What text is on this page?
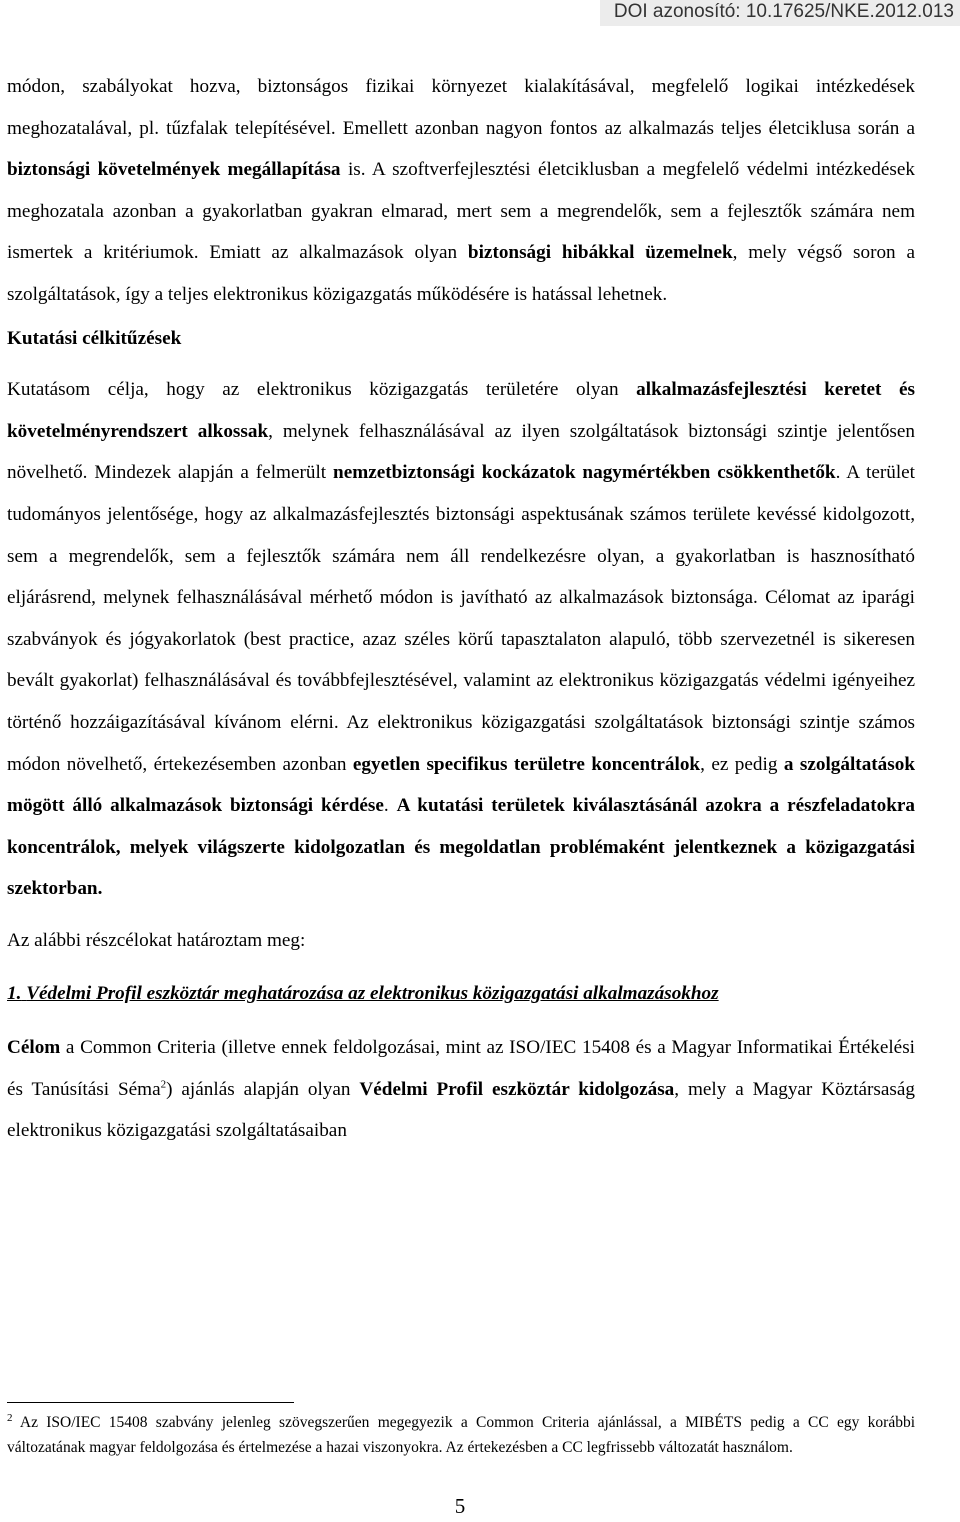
DOI azonosító: 10.17625/NKE.2012.013

módon, szabályokat hozva, biztonságos fizikai környezet kialakításával, megfelelő logikai intézkedések meghozatalával, pl. tűzfalak telepítésével. Emellett azonban nagyon fontos az alkalmazás teljes életciklusa során a biztonsági követelmények megállapítása is. A szoftverfejlesztési életciklusban a megfelelő védelmi intézkedések meghozatala azonban a gyakorlatban gyakran elmarad, mert sem a megrendelők, sem a fejlesztők számára nem ismertek a kritériumok. Emiatt az alkalmazások olyan biztonsági hibákkal üzemelnek, mely végső soron a szolgáltatások, így a teljes elektronikus közigazgatás működésére is hatással lehetnek.

Kutatási célkitűzések

Kutatásom célja, hogy az elektronikus közigazgatás területére olyan alkalmazásfejlesztési keretet és követelményrendszert alkossak, melynek felhasználásával az ilyen szolgáltatások biztonsági szintje jelentősen növelhető. Mindezek alapján a felmerült nemzetbiztonsági kockázatok nagymértékben csökkenthetők. A terület tudományos jelentősége, hogy az alkalmazásfejlesztés biztonsági aspektusának számos területe kevéssé kidolgozott, sem a megrendelők, sem a fejlesztők számára nem áll rendelkezésre olyan, a gyakorlatban is hasznosítható eljárásrend, melynek felhasználásával mérhető módon is javítható az alkalmazások biztonsága. Célomat az iparági szabványok és jógyakorlatok (best practice, azaz széles körű tapasztalaton alapuló, több szervezetnél is sikeresen bevált gyakorlat) felhasználásával és továbbfejlesztésével, valamint az elektronikus közigazgatás védelmi igényeihez történő hozzáigazításával kívánom elérni. Az elektronikus közigazgatási szolgáltatások biztonsági szintje számos módon növelhető, értekezésemben azonban egyetlen specifikus területre koncentrálok, ez pedig a szolgáltatások mögött álló alkalmazások biztonsági kérdése. A kutatási területek kiválasztásánál azokra a részfeladatokra koncentrálok, melyek világszerte kidolgozatlan és megoldatlan problémaként jelentkeznek a közigazgatási szektorban.

Az alábbi részcélokat határoztam meg:

1. Védelmi Profil eszköztár meghatározása az elektronikus közigazgatási alkalmazásokhoz

Célom a Common Criteria (illetve ennek feldolgozásai, mint az ISO/IEC 15408 és a Magyar Informatikai Értékelési és Tanúsítási Séma$^2$) ajánlás alapján olyan Védelmi Profil eszköztár kidolgozása, mely a Magyar Köztársaság elektronikus közigazgatási szolgáltatásaiban

$^2$ Az ISO/IEC 15408 szabvány jelenleg szövegszerűen megegyezik a Common Criteria ajánlással, a MIBÉTS pedig a CC egy korábbi változatának magyar feldolgozása és értelmezése a hazai viszonyokra. Az értekezésben a CC legfrissebb változatát használom.
5
